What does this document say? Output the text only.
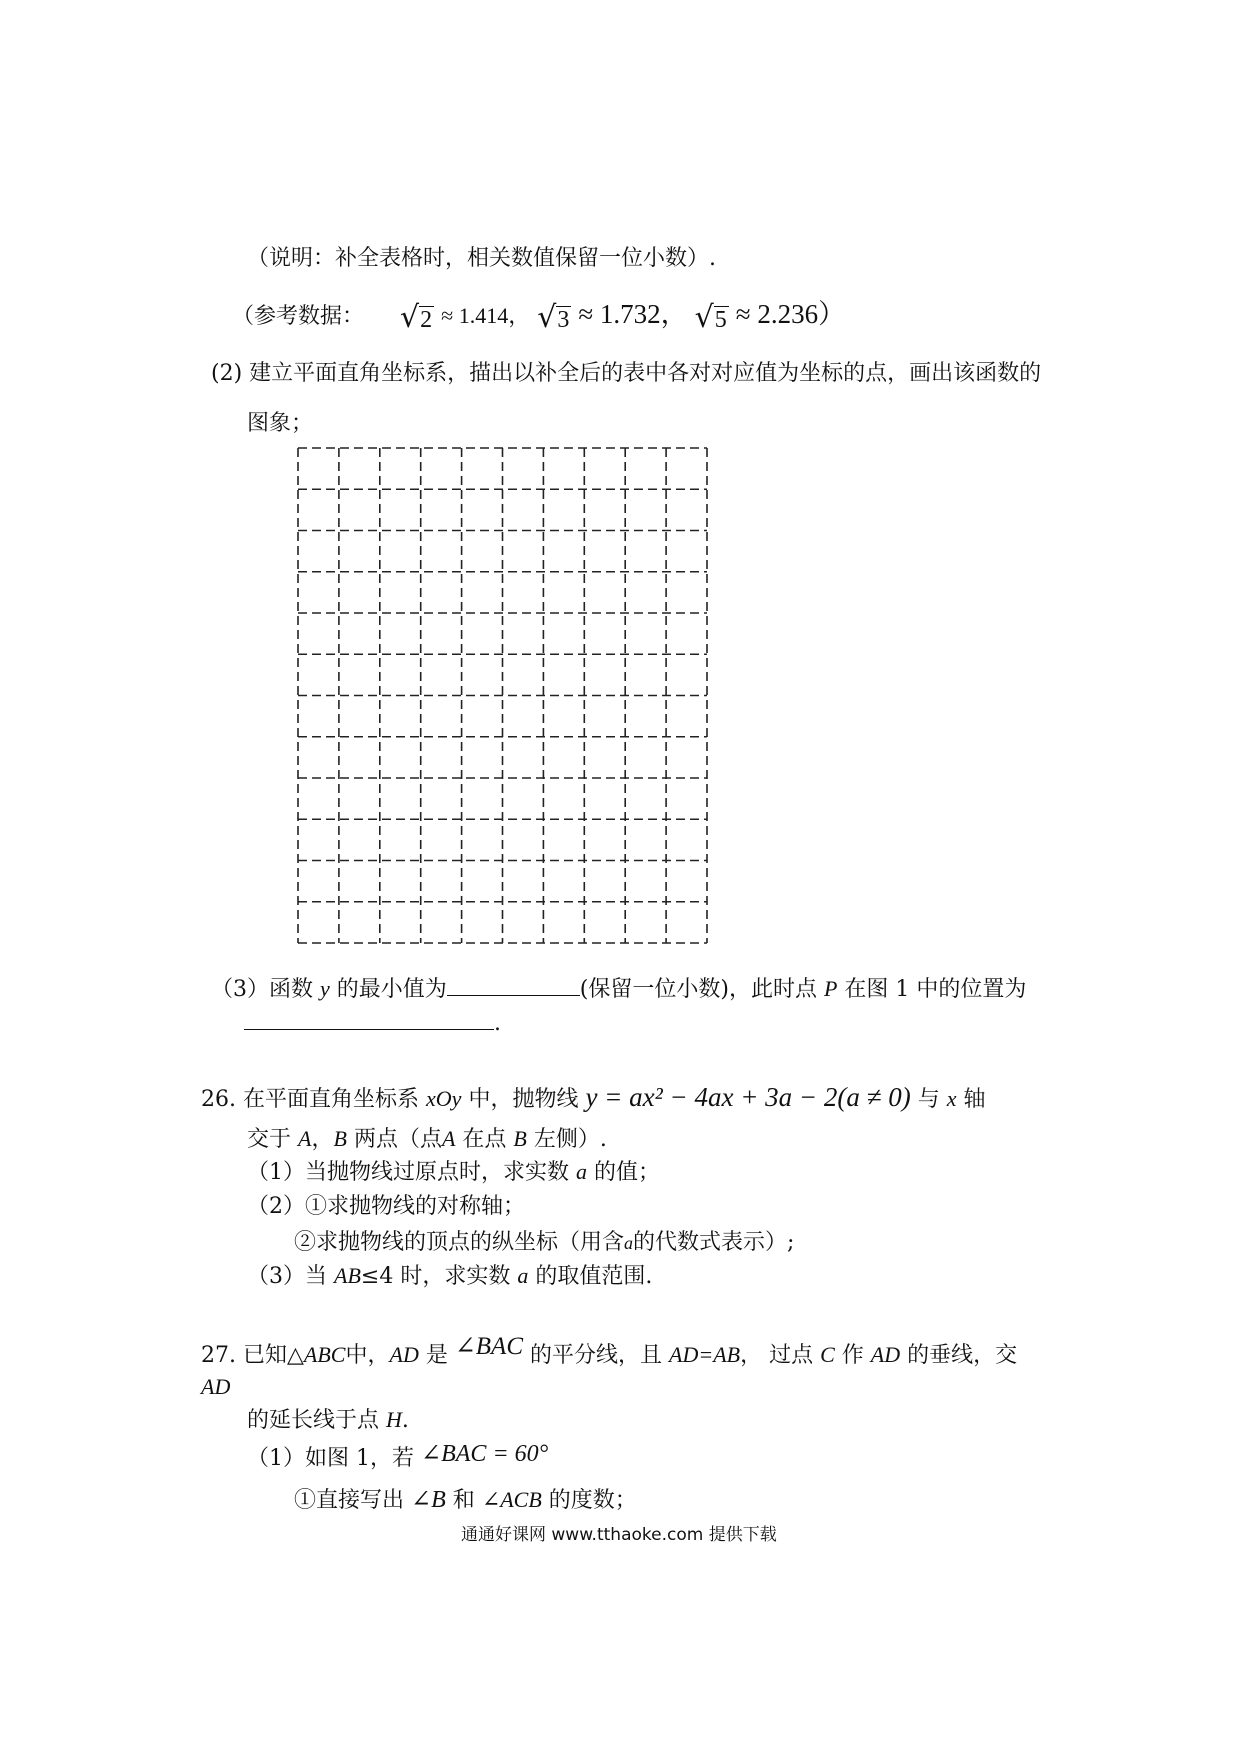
（说明：补全表格时，相关数值保留一位小数）.
（参考数据： √2 ≈ 1.414， √3 ≈ 1.732， √5 ≈ 2.236）
(2) 建立平面直角坐标系，描出以补全后的表中各对对应值为坐标的点，画出该函数的
图象；
（3）函数 y 的最小值为	(保留一位小数)，此时点 P 在图 1 中的位置为
.
26. 在平面直角坐标系 xOy 中，抛物线 y = ax² − 4ax + 3a − 2(a ≠ 0) 与 x 轴
交于 A，B 两点（点A 在点 B 左侧）.
（1）当抛物线过原点时，求实数 a 的值；
（2）①求抛物线的对称轴；
②求抛物线的顶点的纵坐标（用含a的代数式表示）;
（3）当 AB≤4 时，求实数 a 的取值范围.
27. 已知△ABC中，AD 是 ∠BAC 的平分线，且 AD=AB， 过点 C 作 AD 的垂线，交
AD
的延长线于点 H.
（1）如图 1，若 ∠BAC = 60°
①直接写出 ∠B 和 ∠ACB 的度数；
通通好课网 www.tthaoke.com 提供下载
